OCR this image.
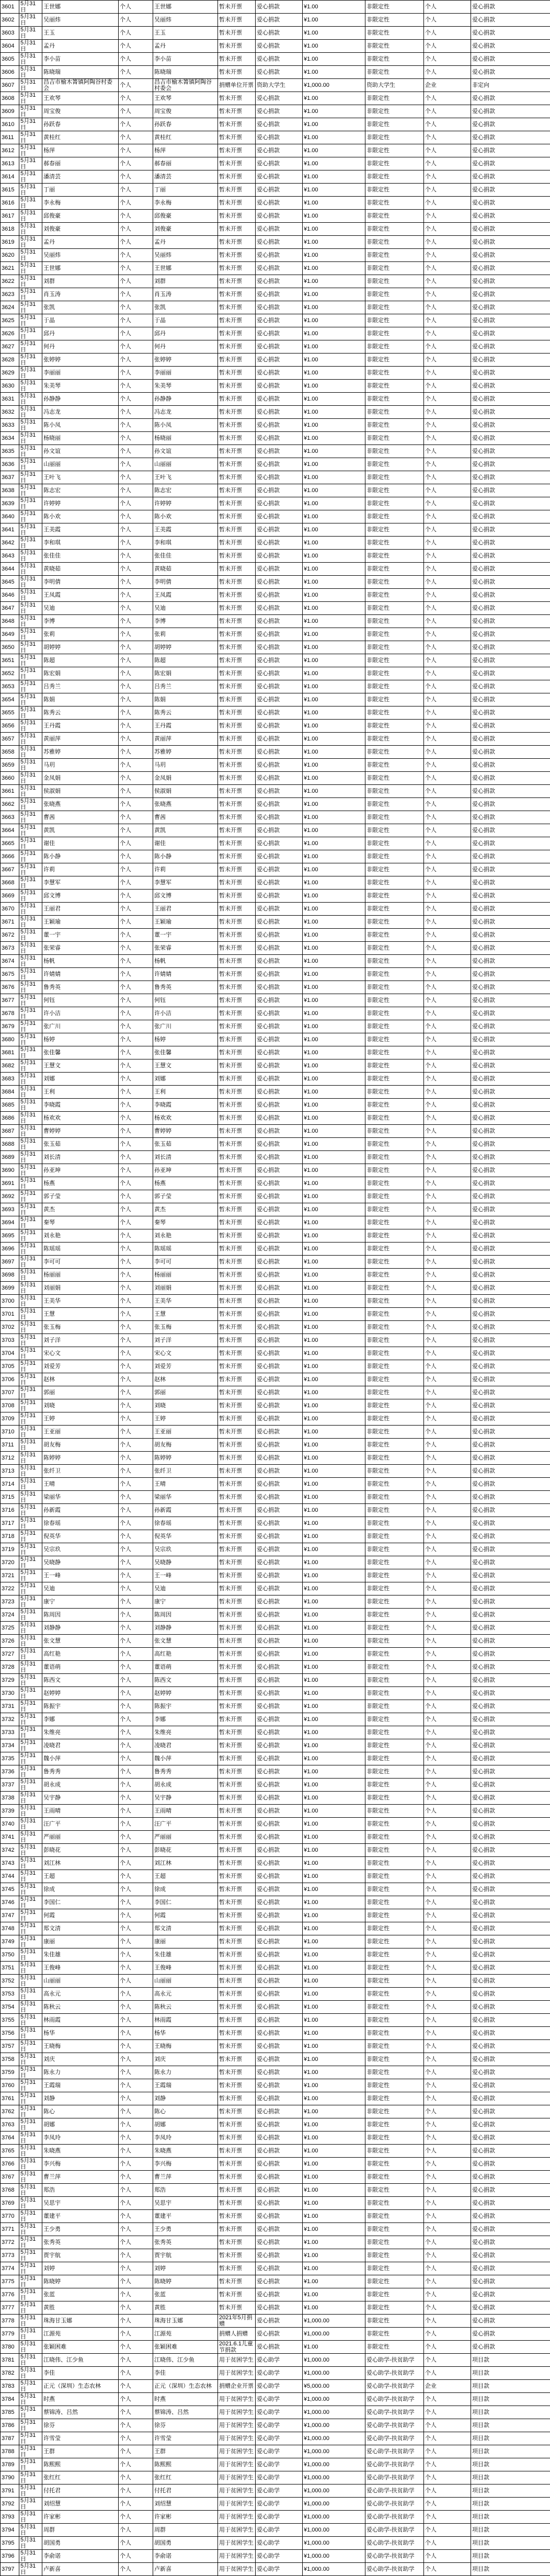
3601	5月31日	王世娜	个人	王世娜	暂未开票	爱心捐款	¥1.00	非限定性	个人	爱心捐款
3602	5月31日	吴丽炜	个人	吴丽炜	暂未开票	爱心捐款	¥1.00	非限定性	个人	爱心捐款
3603	5月31日	王玉	个人	王玉	暂未开票	爱心捐款	¥1.00	非限定性	个人	爱心捐款
3604	5月31日	孟丹	个人	孟丹	暂未开票	爱心捐款	¥1.00	非限定性	个人	爱心捐款
3605	5月31日	李小苗	个人	李小苗	暂未开票	爱心捐款	¥1.00	非限定性	个人	爱心捐款
3606	5月31日	陈晓瑞	个人	陈晓瑞	暂未开票	爱心捐款	¥1.00	非限定性	个人	爱心捐款
3607	5月31日	昌吉市榆木箐镇阿陶谷村委会	个人	昌吉市榆木箐镇阿陶谷村委会	捐赠单位开票	资助大学生	¥1,000.00	资助大学生	企业	非定向
3608	5月31日	王欢琴	个人	王欢琴	暂未开票	爱心捐款	¥1.00	非限定性	个人	爱心捐款
3609	5月31日	周宝俊	个人	周宝俊	暂未开票	爱心捐款	¥1.00	非限定性	个人	爱心捐款
3610	5月31日	孙跃春	个人	孙跃春	暂未开票	爱心捐款	¥1.00	非限定性	个人	爱心捐款
3611	5月31日	黄桂红	个人	黄桂红	暂未开票	爱心捐款	¥1.00	非限定性	个人	爱心捐款
3612	5月31日	杨萍	个人	杨萍	暂未开票	爱心捐款	¥1.00	非限定性	个人	爱心捐款
3613	5月31日	郝春丽	个人	郝春丽	暂未开票	爱心捐款	¥1.00	非限定性	个人	爱心捐款
3614	5月31日	潘清芸	个人	潘清芸	暂未开票	爱心捐款	¥1.00	非限定性	个人	爱心捐款
3615	5月31日	丁丽	个人	丁丽	暂未开票	爱心捐款	¥1.00	非限定性	个人	爱心捐款
3616	5月31日	李永梅	个人	李永梅	暂未开票	爱心捐款	¥1.00	非限定性	个人	爱心捐款
3617	5月31日	邱俊豪	个人	邱俊豪	暂未开票	爱心捐款	¥1.00	非限定性	个人	爱心捐款
3618	5月31日	刘俊豪	个人	刘俊豪	暂未开票	爱心捐款	¥1.00	非限定性	个人	爱心捐款
3619	5月31日	孟丹	个人	孟丹	暂未开票	爱心捐款	¥1.00	非限定性	个人	爱心捐款
3620	5月31日	吴丽炜	个人	吴丽炜	暂未开票	爱心捐款	¥1.00	非限定性	个人	爱心捐款
3621	5月31日	王世娜	个人	王世娜	暂未开票	爱心捐款	¥1.00	非限定性	个人	爱心捐款
3622	5月31日	刘群	个人	刘群	暂未开票	爱心捐款	¥1.00	非限定性	个人	爱心捐款
3623	5月31日	肖玉涛	个人	肖玉涛	暂未开票	爱心捐款	¥1.00	非限定性	个人	爱心捐款
3624	5月31日	张凯	个人	张凯	暂未开票	爱心捐款	¥1.00	非限定性	个人	爱心捐款
3625	5月31日	于晶	个人	于晶	暂未开票	爱心捐款	¥1.00	非限定性	个人	爱心捐款
3626	5月31日	邱丹	个人	邱丹	暂未开票	爱心捐款	¥1.00	非限定性	个人	爱心捐款
3627	5月31日	何丹	个人	何丹	暂未开票	爱心捐款	¥1.00	非限定性	个人	爱心捐款
3628	5月31日	张婷婷	个人	张婷婷	暂未开票	爱心捐款	¥1.00	非限定性	个人	爱心捐款
3629	5月31日	李丽丽	个人	李丽丽	暂未开票	爱心捐款	¥1.00	非限定性	个人	爱心捐款
3630	5月31日	朱美琴	个人	朱美琴	暂未开票	爱心捐款	¥1.00	非限定性	个人	爱心捐款
3631	5月31日	孙静静	个人	孙静静	暂未开票	爱心捐款	¥1.00	非限定性	个人	爱心捐款
3632	5月31日	冯志龙	个人	冯志龙	暂未开票	爱心捐款	¥1.00	非限定性	个人	爱心捐款
3633	5月31日	陈小凤	个人	陈小凤	暂未开票	爱心捐款	¥1.00	非限定性	个人	爱心捐款
3634	5月31日	杨晓丽	个人	杨晓丽	暂未开票	爱心捐款	¥1.00	非限定性	个人	爱心捐款
3635	5月31日	孙文谊	个人	孙文谊	暂未开票	爱心捐款	¥1.00	非限定性	个人	爱心捐款
3636	5月31日	山丽丽	个人	山丽丽	暂未开票	爱心捐款	¥1.00	非限定性	个人	爱心捐款
3637	5月31日	王叶飞	个人	王叶飞	暂未开票	爱心捐款	¥1.00	非限定性	个人	爱心捐款
3638	5月31日	陈志宏	个人	陈志宏	暂未开票	爱心捐款	¥1.00	非限定性	个人	爱心捐款
3639	5月31日	许婷婷	个人	许婷婷	暂未开票	爱心捐款	¥1.00	非限定性	个人	爱心捐款
3640	5月31日	陈小欢	个人	陈小欢	暂未开票	爱心捐款	¥1.00	非限定性	个人	爱心捐款
3641	5月31日	王美霞	个人	王美霞	暂未开票	爱心捐款	¥1.00	非限定性	个人	爱心捐款
3642	5月31日	李和琪	个人	李和琪	暂未开票	爱心捐款	¥1.00	非限定性	个人	爱心捐款
3643	5月31日	张佳佳	个人	张佳佳	暂未开票	爱心捐款	¥1.00	非限定性	个人	爱心捐款
3644	5月31日	黄晓茹	个人	黄晓茹	暂未开票	爱心捐款	¥1.00	非限定性	个人	爱心捐款
3645	5月31日	李明倩	个人	李明倩	暂未开票	爱心捐款	¥1.00	非限定性	个人	爱心捐款
3646	5月31日	王凤霞	个人	王凤霞	暂未开票	爱心捐款	¥1.00	非限定性	个人	爱心捐款
3647	5月31日	吴迪	个人	吴迪	暂未开票	爱心捐款	¥1.00	非限定性	个人	爱心捐款
3648	5月31日	李博	个人	李博	暂未开票	爱心捐款	¥1.00	非限定性	个人	爱心捐款
3649	5月31日	张莉	个人	张莉	暂未开票	爱心捐款	¥1.00	非限定性	个人	爱心捐款
3650	5月31日	胡婷婷	个人	胡婷婷	暂未开票	爱心捐款	¥1.00	非限定性	个人	爱心捐款
3651	5月31日	陈超	个人	陈超	暂未开票	爱心捐款	¥1.00	非限定性	个人	爱心捐款
3652	5月31日	陈宏娟	个人	陈宏娟	暂未开票	爱心捐款	¥1.00	非限定性	个人	爱心捐款
3653	5月31日	吕秀兰	个人	吕秀兰	暂未开票	爱心捐款	¥1.00	非限定性	个人	爱心捐款
3654	5月31日	陈娟	个人	陈娟	暂未开票	爱心捐款	¥1.00	非限定性	个人	爱心捐款
3655	5月31日	陈秀云	个人	陈秀云	暂未开票	爱心捐款	¥1.00	非限定性	个人	爱心捐款
3656	5月31日	王丹霞	个人	王丹霞	暂未开票	爱心捐款	¥1.00	非限定性	个人	爱心捐款
3657	5月31日	黄丽萍	个人	黄丽萍	暂未开票	爱心捐款	¥1.00	非限定性	个人	爱心捐款
3658	5月31日	苏雅婷	个人	苏雅婷	暂未开票	爱心捐款	¥1.00	非限定性	个人	爱心捐款
3659	5月31日	马玥	个人	马玥	暂未开票	爱心捐款	¥1.00	非限定性	个人	爱心捐款
3660	5月31日	金凤娟	个人	金凤娟	暂未开票	爱心捐款	¥1.00	非限定性	个人	爱心捐款
3661	5月31日	侯淑娟	个人	侯淑娟	暂未开票	爱心捐款	¥1.00	非限定性	个人	爱心捐款
3662	5月31日	张晓燕	个人	张晓燕	暂未开票	爱心捐款	¥1.00	非限定性	个人	爱心捐款
3663	5月31日	曹茜	个人	曹茜	暂未开票	爱心捐款	¥1.00	非限定性	个人	爱心捐款
3664	5月31日	黄凯	个人	黄凯	暂未开票	爱心捐款	¥1.00	非限定性	个人	爱心捐款
3665	5月31日	谢佳	个人	谢佳	暂未开票	爱心捐款	¥1.00	非限定性	个人	爱心捐款
3666	5月31日	陈小静	个人	陈小静	暂未开票	爱心捐款	¥1.00	非限定性	个人	爱心捐款
3667	5月31日	许莉	个人	许莉	暂未开票	爱心捐款	¥1.00	非限定性	个人	爱心捐款
3668	5月31日	李慧军	个人	李慧军	暂未开票	爱心捐款	¥1.00	非限定性	个人	爱心捐款
3669	5月31日	邱文博	个人	邱文博	暂未开票	爱心捐款	¥1.00	非限定性	个人	爱心捐款
3670	5月31日	王丽君	个人	王丽君	暂未开票	爱心捐款	¥1.00	非限定性	个人	爱心捐款
3671	5月31日	王颖瑜	个人	王颖瑜	暂未开票	爱心捐款	¥1.00	非限定性	个人	爱心捐款
3672	5月31日	董一宇	个人	董一宇	暂未开票	爱心捐款	¥1.00	非限定性	个人	爱心捐款
3673	5月31日	张荣睿	个人	张荣睿	暂未开票	爱心捐款	¥1.00	非限定性	个人	爱心捐款
3674	5月31日	杨帆	个人	杨帆	暂未开票	爱心捐款	¥1.00	非限定性	个人	爱心捐款
3675	5月31日	许婧婧	个人	许婧婧	暂未开票	爱心捐款	¥1.00	非限定性	个人	爱心捐款
3676	5月31日	鲁秀英	个人	鲁秀英	暂未开票	爱心捐款	¥1.00	非限定性	个人	爱心捐款
3677	5月31日	何钰	个人	何钰	暂未开票	爱心捐款	¥1.00	非限定性	个人	爱心捐款
3678	5月31日	许小洁	个人	许小洁	暂未开票	爱心捐款	¥1.00	非限定性	个人	爱心捐款
3679	5月31日	张广川	个人	张广川	暂未开票	爱心捐款	¥1.00	非限定性	个人	爱心捐款
3680	5月31日	杨婷	个人	杨婷	暂未开票	爱心捐款	¥1.00	非限定性	个人	爱心捐款
3681	5月31日	张佳馨	个人	张佳馨	暂未开票	爱心捐款	¥1.00	非限定性	个人	爱心捐款
3682	5月31日	王慧文	个人	王慧文	暂未开票	爱心捐款	¥1.00	非限定性	个人	爱心捐款
3683	5月31日	刘娜	个人	刘娜	暂未开票	爱心捐款	¥1.00	非限定性	个人	爱心捐款
3684	5月31日	王利	个人	王利	暂未开票	爱心捐款	¥1.00	非限定性	个人	爱心捐款
3685	5月31日	李晓霞	个人	李晓霞	暂未开票	爱心捐款	¥1.00	非限定性	个人	爱心捐款
3686	5月31日	杨欢欢	个人	杨欢欢	暂未开票	爱心捐款	¥1.00	非限定性	个人	爱心捐款
3687	5月31日	曹婷婷	个人	曹婷婷	暂未开票	爱心捐款	¥1.00	非限定性	个人	爱心捐款
3688	5月31日	张玉茹	个人	张玉茹	暂未开票	爱心捐款	¥1.00	非限定性	个人	爱心捐款
3689	5月31日	刘长清	个人	刘长清	暂未开票	爱心捐款	¥1.00	非限定性	个人	爱心捐款
3690	5月31日	孙亚坤	个人	孙亚坤	暂未开票	爱心捐款	¥1.00	非限定性	个人	爱心捐款
3691	5月31日	杨燕	个人	杨燕	暂未开票	爱心捐款	¥1.00	非限定性	个人	爱心捐款
3692	5月31日	郭子莹	个人	郭子莹	暂未开票	爱心捐款	¥1.00	非限定性	个人	爱心捐款
3693	5月31日	黄杰	个人	黄杰	暂未开票	爱心捐款	¥1.00	非限定性	个人	爱心捐款
3694	5月31日	秦琴	个人	秦琴	暂未开票	爱心捐款	¥1.00	非限定性	个人	爱心捐款
3695	5月31日	刘永艳	个人	刘永艳	暂未开票	爱心捐款	¥1.00	非限定性	个人	爱心捐款
3696	5月31日	陈瑶瑶	个人	陈瑶瑶	暂未开票	爱心捐款	¥1.00	非限定性	个人	爱心捐款
3697	5月31日	李可可	个人	李可可	暂未开票	爱心捐款	¥1.00	非限定性	个人	爱心捐款
3698	5月31日	杨丽丽	个人	杨丽丽	暂未开票	爱心捐款	¥1.00	非限定性	个人	爱心捐款
3699	5月31日	刘丽娟	个人	刘丽娟	暂未开票	爱心捐款	¥1.00	非限定性	个人	爱心捐款
3700	5月31日	王美华	个人	王美华	暂未开票	爱心捐款	¥1.00	非限定性	个人	爱心捐款
3701	5月31日	王慧	个人	王慧	暂未开票	爱心捐款	¥1.00	非限定性	个人	爱心捐款
3702	5月31日	张玉梅	个人	张玉梅	暂未开票	爱心捐款	¥1.00	非限定性	个人	爱心捐款
3703	5月31日	刘子洋	个人	刘子洋	暂未开票	爱心捐款	¥1.00	非限定性	个人	爱心捐款
3704	5月31日	宋心文	个人	宋心文	暂未开票	爱心捐款	¥1.00	非限定性	个人	爱心捐款
3705	5月31日	刘爱芳	个人	刘爱芳	暂未开票	爱心捐款	¥1.00	非限定性	个人	爱心捐款
3706	5月31日	赵林	个人	赵林	暂未开票	爱心捐款	¥1.00	非限定性	个人	爱心捐款
3707	5月31日	郭丽	个人	郭丽	暂未开票	爱心捐款	¥1.00	非限定性	个人	爱心捐款
3708	5月31日	刘晓	个人	刘晓	暂未开票	爱心捐款	¥1.00	非限定性	个人	爱心捐款
3709	5月31日	王婷	个人	王婷	暂未开票	爱心捐款	¥1.00	非限定性	个人	爱心捐款
3710	5月31日	王亚丽	个人	王亚丽	暂未开票	爱心捐款	¥1.00	非限定性	个人	爱心捐款
3711	5月31日	胡友梅	个人	胡友梅	暂未开票	爱心捐款	¥1.00	非限定性	个人	爱心捐款
3712	5月31日	陈婷婷	个人	陈婷婷	暂未开票	爱心捐款	¥1.00	非限定性	个人	爱心捐款
3713	5月31日	张纤卫	个人	张纤卫	暂未开票	爱心捐款	¥1.00	非限定性	个人	爱心捐款
3714	5月31日	王晴	个人	王晴	暂未开票	爱心捐款	¥1.00	非限定性	个人	爱心捐款
3715	5月31日	梁丽华	个人	梁丽华	暂未开票	爱心捐款	¥1.00	非限定性	个人	爱心捐款
3716	5月31日	孙新霞	个人	孙新霞	暂未开票	爱心捐款	¥1.00	非限定性	个人	爱心捐款
3717	5月31日	徐春瑶	个人	徐春瑶	暂未开票	爱心捐款	¥1.00	非限定性	个人	爱心捐款
3718	5月31日	倪英华	个人	倪英华	暂未开票	爱心捐款	¥1.00	非限定性	个人	爱心捐款
3719	5月31日	吴宗玖	个人	吴宗玖	暂未开票	爱心捐款	¥1.00	非限定性	个人	爱心捐款
3720	5月31日	吴晓静	个人	吴晓静	暂未开票	爱心捐款	¥1.00	非限定性	个人	爱心捐款
3721	5月31日	王一峰	个人	王一峰	暂未开票	爱心捐款	¥1.00	非限定性	个人	爱心捐款
3722	5月31日	吴迪	个人	吴迪	暂未开票	爱心捐款	¥1.00	非限定性	个人	爱心捐款
3723	5月31日	康宁	个人	康宁	暂未开票	爱心捐款	¥1.00	非限定性	个人	爱心捐款
3724	5月31日	陈周因	个人	陈周因	暂未开票	爱心捐款	¥1.00	非限定性	个人	爱心捐款
3725	5月31日	刘静静	个人	刘静静	暂未开票	爱心捐款	¥1.00	非限定性	个人	爱心捐款
3726	5月31日	张文慧	个人	张文慧	暂未开票	爱心捐款	¥1.00	非限定性	个人	爱心捐款
3727	5月31日	高红艳	个人	高红艳	暂未开票	爱心捐款	¥1.00	非限定性	个人	爱心捐款
3728	5月31日	董语萌	个人	董语萌	暂未开票	爱心捐款	¥1.00	非限定性	个人	爱心捐款
3729	5月31日	陈西文	个人	陈西文	暂未开票	爱心捐款	¥1.00	非限定性	个人	爱心捐款
3730	5月31日	赵婷婷	个人	赵婷婷	暂未开票	爱心捐款	¥1.00	非限定性	个人	爱心捐款
3731	5月31日	陈振宇	个人	陈振宇	暂未开票	爱心捐款	¥1.00	非限定性	个人	爱心捐款
3732	5月31日	李娜	个人	李娜	暂未开票	爱心捐款	¥1.00	非限定性	个人	爱心捐款
3733	5月31日	朱维亮	个人	朱维亮	暂未开票	爱心捐款	¥1.00	非限定性	个人	爱心捐款
3734	5月31日	凌晓君	个人	凌晓君	暂未开票	爱心捐款	¥1.00	非限定性	个人	爱心捐款
3735	5月31日	魏小萍	个人	魏小萍	暂未开票	爱心捐款	¥1.00	非限定性	个人	爱心捐款
3736	5月31日	鲁秀秀	个人	鲁秀秀	暂未开票	爱心捐款	¥1.00	非限定性	个人	爱心捐款
3737	5月31日	胡永成	个人	胡永成	暂未开票	爱心捐款	¥1.00	非限定性	个人	爱心捐款
3738	5月31日	吴宇静	个人	吴宇静	暂未开票	爱心捐款	¥1.00	非限定性	个人	爱心捐款
3739	5月31日	王雨晴	个人	王雨晴	暂未开票	爱心捐款	¥1.00	非限定性	个人	爱心捐款
3740	5月31日	汪广平	个人	汪广平	暂未开票	爱心捐款	¥1.00	非限定性	个人	爱心捐款
3741	5月31日	严丽丽	个人	严丽丽	暂未开票	爱心捐款	¥1.00	非限定性	个人	爱心捐款
3742	5月31日	彭晓花	个人	彭晓花	暂未开票	爱心捐款	¥1.00	非限定性	个人	爱心捐款
3743	5月31日	刘江林	个人	刘江林	暂未开票	爱心捐款	¥1.00	非限定性	个人	爱心捐款
3744	5月31日	王超	个人	王超	暂未开票	爱心捐款	¥1.00	非限定性	个人	爱心捐款
3745	5月31日	徐成	个人	徐成	暂未开票	爱心捐款	¥1.00	非限定性	个人	爱心捐款
3746	5月31日	李国仁	个人	李国仁	暂未开票	爱心捐款	¥1.00	非限定性	个人	爱心捐款
3747	5月31日	何霞	个人	何霞	暂未开票	爱心捐款	¥1.00	非限定性	个人	爱心捐款
3748	5月31日	郑文清	个人	郑文清	暂未开票	爱心捐款	¥1.00	非限定性	个人	爱心捐款
3749	5月31日	康丽	个人	康丽	暂未开票	爱心捐款	¥1.00	非限定性	个人	爱心捐款
3750	5月31日	朱佳雄	个人	朱佳雄	暂未开票	爱心捐款	¥1.00	非限定性	个人	爱心捐款
3751	5月31日	王俊峰	个人	王俊峰	暂未开票	爱心捐款	¥1.00	非限定性	个人	爱心捐款
3752	5月31日	山丽丽	个人	山丽丽	暂未开票	爱心捐款	¥1.00	非限定性	个人	爱心捐款
3753	5月31日	高永元	个人	高永元	暂未开票	爱心捐款	¥1.00	非限定性	个人	爱心捐款
3754	5月31日	陈秋云	个人	陈秋云	暂未开票	爱心捐款	¥1.00	非限定性	个人	爱心捐款
3755	5月31日	林雨霞	个人	林雨霞	暂未开票	爱心捐款	¥1.00	非限定性	个人	爱心捐款
3756	5月31日	杨华	个人	杨华	暂未开票	爱心捐款	¥1.00	非限定性	个人	爱心捐款
3757	5月31日	王晓梅	个人	王晓梅	暂未开票	爱心捐款	¥1.00	非限定性	个人	爱心捐款
3758	5月31日	刘庆	个人	刘庆	暂未开票	爱心捐款	¥1.00	非限定性	个人	爱心捐款
3759	5月31日	陈永力	个人	陈永力	暂未开票	爱心捐款	¥1.00	非限定性	个人	爱心捐款
3760	5月31日	王霞瑞	个人	王霞瑞	暂未开票	爱心捐款	¥1.00	非限定性	个人	爱心捐款
3761	5月31日	刘静	个人	刘静	暂未开票	爱心捐款	¥1.00	非限定性	个人	爱心捐款
3762	5月31日	陈心	个人	陈心	暂未开票	爱心捐款	¥1.00	非限定性	个人	爱心捐款
3763	5月31日	胡娜	个人	胡娜	暂未开票	爱心捐款	¥1.00	非限定性	个人	爱心捐款
3764	5月31日	李凤玲	个人	李凤玲	暂未开票	爱心捐款	¥1.00	非限定性	个人	爱心捐款
3765	5月31日	朱晓燕	个人	朱晓燕	暂未开票	爱心捐款	¥1.00	非限定性	个人	爱心捐款
3766	5月31日	李兴梅	个人	李兴梅	暂未开票	爱心捐款	¥1.00	非限定性	个人	爱心捐款
3767	5月31日	曹兰萍	个人	曹兰萍	暂未开票	爱心捐款	¥1.00	非限定性	个人	爱心捐款
3768	5月31日	郑浩	个人	郑浩	暂未开票	爱心捐款	¥1.00	非限定性	个人	爱心捐款
3769	5月31日	吴思宇	个人	吴思宇	暂未开票	爱心捐款	¥1.00	非限定性	个人	爱心捐款
3770	5月31日	董建平	个人	董建平	暂未开票	爱心捐款	¥1.00	非限定性	个人	爱心捐款
3771	5月31日	王少勇	个人	王少勇	暂未开票	爱心捐款	¥1.00	非限定性	个人	爱心捐款
3772	5月31日	张秀英	个人	张秀英	暂未开票	爱心捐款	¥1.00	非限定性	个人	爱心捐款
3773	5月31日	贾宇航	个人	贾宇航	暂未开票	爱心捐款	¥1.00	非限定性	个人	爱心捐款
3774	5月31日	刘婷	个人	刘婷	暂未开票	爱心捐款	¥1.00	非限定性	个人	爱心捐款
3775	5月31日	陈晓婷	个人	陈晓婷	暂未开票	爱心捐款	¥1.00	非限定性	个人	爱心捐款
3776	5月31日	张蓝	个人	张蓝	暂未开票	爱心捐款	¥1.00	非限定性	个人	爱心捐款
3777	5月31日	黄胜	个人	黄胜	暂未开票	爱心捐款	¥1.00	非限定性	个人	爱心捐款
3778	5月31日	珠海甘玉娜	个人	珠海甘玉娜	2021年5月捐赠	爱心捐款	¥1,000.00	非限定性	个人	爱心捐款
3779	5月31日	江源苑	个人	江源苑	捐赠人捐赠	爱心捐款	¥1,000.00	非限定性	个人	爱心捐款
3780	5月31日	张颖困难	个人	张颖困难	2021.6.1儿童节捐款	爱心捐款	¥1.00	非限定性	个人	爱心捐款
3781	5月31日	江晓伟、江少鱼	个人	江晓伟、江少鱼	用于贫困学生	爱心助学	¥1,000.00	爱心助学-扶贫助学	个人	项目款
3782	5月31日	李佳	个人	李佳	用于贫困学生	爱心助学	¥1,000.00	爱心助学-扶贫助学	个人	项目款
3783	5月31日	正元（深圳）生态农林	个人	正元（深圳）生态农林	捐赠企业开票	爱心助学	¥5,000.00	爱心助学-扶贫助学	企业	项目款
3784	5月31日	时燕	个人	时燕	用于贫困学生	爱心助学	¥1,000.00	爱心助学-扶贫助学	个人	项目款
3785	5月31日	蔡锦涛、吕然	个人	蔡锦涛、吕然	用于贫困学生	爱心助学	¥1,000.00	爱心助学-扶贫助学	个人	项目款
3786	5月31日	徐芬	个人	徐芬	用于贫困学生	爱心助学	¥1,000.00	爱心助学-扶贫助学	个人	项目款
3787	5月31日	许雪莹	个人	许雪莹	用于贫困学生	爱心助学	¥1,000.00	爱心助学-扶贫助学	个人	项目款
3788	5月31日	王群	个人	王群	用于贫困学生	爱心助学	¥1,000.00	爱心助学-扶贫助学	个人	项目款
3789	5月31日	陈熙熙	个人	陈熙熙	用于贫困学生	爱心助学	¥1,000.00	爱心助学-扶贫助学	个人	项目款
3790	5月31日	张红红	个人	张红红	用于贫困学生	爱心助学	¥1,000.00	爱心助学-扶贫助学	个人	项目款
3791	5月31日	付托君	个人	付托君	用于贫困学生	爱心助学	¥1,000.00	爱心助学-扶贫助学	个人	项目款
3792	5月31日	刘绍慧	个人	刘绍慧	用于贫困学生	爱心助学	¥1,000.00	爱心助学-扶贫助学	个人	项目款
3793	5月31日	许家彬	个人	许家彬	用于贫困学生	爱心助学	¥1,000.00	爱心助学-扶贫助学	个人	项目款
3794	5月31日	周群	个人	周群	用于贫困学生	爱心助学	¥1,000.00	爱心助学-扶贫助学	个人	项目款
3795	5月31日	胡国勇	个人	胡国勇	用于贫困学生	爱心助学	¥1,000.00	爱心助学-扶贫助学	个人	项目款
3796	5月31日	李俞诺	个人	李俞诺	用于贫困学生	爱心助学	¥1,000.00	爱心助学-扶贫助学	个人	项目款
3797	5月31日	卢新喜	个人	卢新喜	用于贫困学生	爱心助学	¥1,000.00	爱心助学-扶贫助学	个人	项目款
